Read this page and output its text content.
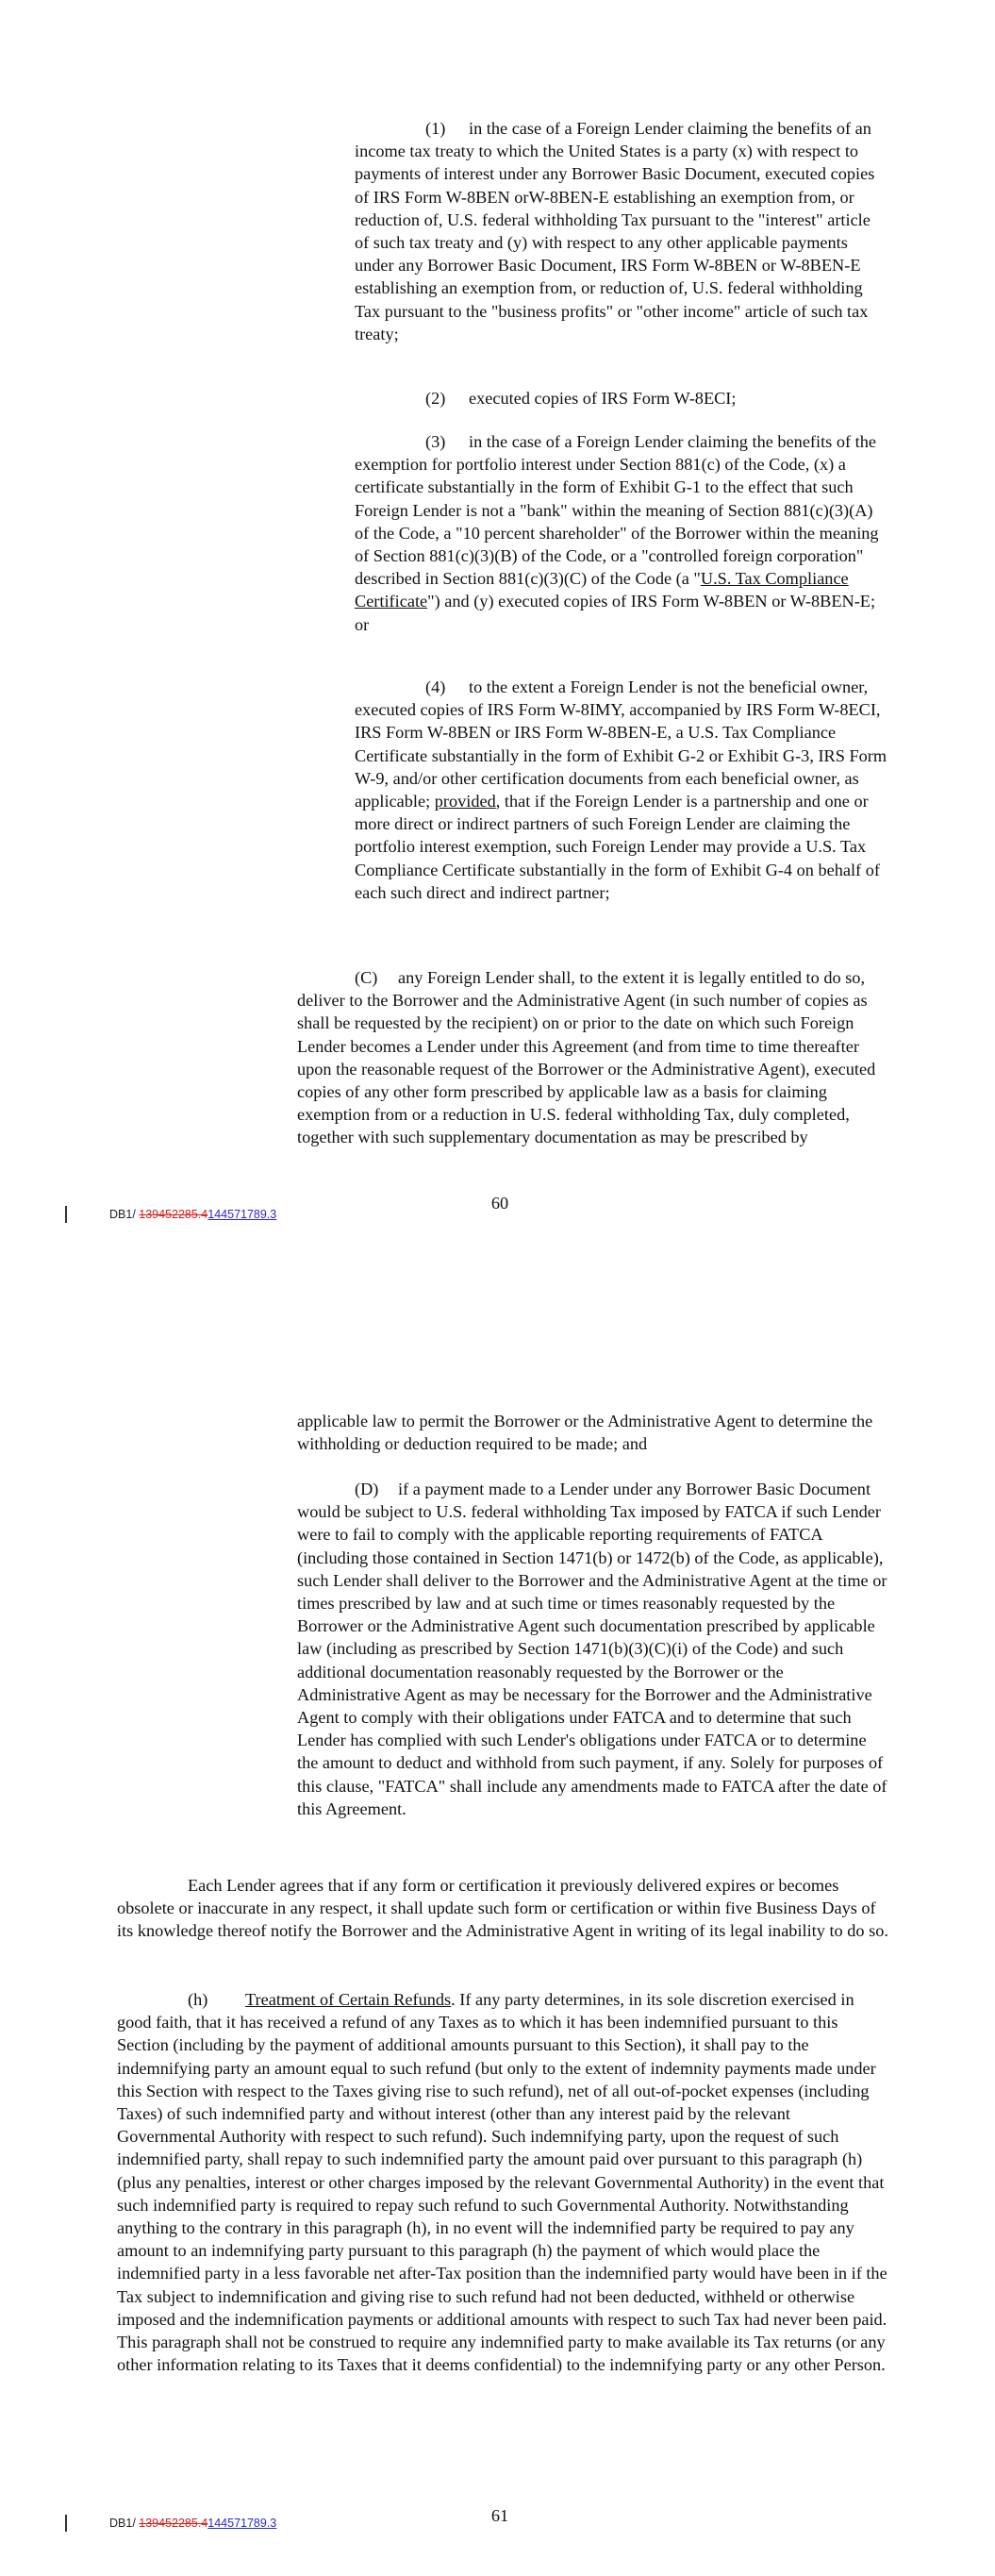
(1) in the case of a Foreign Lender claiming the benefits of an income tax treaty to which the United States is a party (x) with respect to payments of interest under any Borrower Basic Document, executed copies of IRS Form W-8BEN orW-8BEN-E establishing an exemption from, or reduction of, U.S. federal withholding Tax pursuant to the "interest" article of such tax treaty and (y) with respect to any other applicable payments under any Borrower Basic Document, IRS Form W-8BEN or W-8BEN-E establishing an exemption from, or reduction of, U.S. federal withholding Tax pursuant to the "business profits" or "other income" article of such tax treaty;

(2) executed copies of IRS Form W-8ECI;

(3) in the case of a Foreign Lender claiming the benefits of the exemption for portfolio interest under Section 881(c) of the Code, (x) a certificate substantially in the form of Exhibit G-1 to the effect that such Foreign Lender is not a "bank" within the meaning of Section 881(c)(3)(A) of the Code, a "10 percent shareholder" of the Borrower within the meaning of Section 881(c)(3)(B) of the Code, or a "controlled foreign corporation" described in Section 881(c)(3)(C) of the Code (a "U.S. Tax Compliance Certificate") and (y) executed copies of IRS Form W-8BEN or W-8BEN-E; or

(4) to the extent a Foreign Lender is not the beneficial owner, executed copies of IRS Form W-8IMY, accompanied by IRS Form W-8ECI, IRS Form W-8BEN or IRS Form W-8BEN-E, a U.S. Tax Compliance Certificate substantially in the form of Exhibit G-2 or Exhibit G-3, IRS Form W-9, and/or other certification documents from each beneficial owner, as applicable; provided, that if the Foreign Lender is a partnership and one or more direct or indirect partners of such Foreign Lender are claiming the portfolio interest exemption, such Foreign Lender may provide a U.S. Tax Compliance Certificate substantially in the form of Exhibit G-4 on behalf of each such direct and indirect partner;

(C) any Foreign Lender shall, to the extent it is legally entitled to do so, deliver to the Borrower and the Administrative Agent (in such number of copies as shall be requested by the recipient) on or prior to the date on which such Foreign Lender becomes a Lender under this Agreement (and from time to time thereafter upon the reasonable request of the Borrower or the Administrative Agent), executed copies of any other form prescribed by applicable law as a basis for claiming exemption from or a reduction in U.S. federal withholding Tax, duly completed, together with such supplementary documentation as may be prescribed by

60
DB1/ 139452285.4144571789.3

applicable law to permit the Borrower or the Administrative Agent to determine the withholding or deduction required to be made; and

(D) if a payment made to a Lender under any Borrower Basic Document would be subject to U.S. federal withholding Tax imposed by FATCA if such Lender were to fail to comply with the applicable reporting requirements of FATCA (including those contained in Section 1471(b) or 1472(b) of the Code, as applicable), such Lender shall deliver to the Borrower and the Administrative Agent at the time or times prescribed by law and at such time or times reasonably requested by the Borrower or the Administrative Agent such documentation prescribed by applicable law (including as prescribed by Section 1471(b)(3)(C)(i) of the Code) and such additional documentation reasonably requested by the Borrower or the Administrative Agent as may be necessary for the Borrower and the Administrative Agent to comply with their obligations under FATCA and to determine that such Lender has complied with such Lender's obligations under FATCA or to determine the amount to deduct and withhold from such payment, if any. Solely for purposes of this clause, "FATCA" shall include any amendments made to FATCA after the date of this Agreement.

Each Lender agrees that if any form or certification it previously delivered expires or becomes obsolete or inaccurate in any respect, it shall update such form or certification or within five Business Days of its knowledge thereof notify the Borrower and the Administrative Agent in writing of its legal inability to do so.

(h) Treatment of Certain Refunds. If any party determines, in its sole discretion exercised in good faith, that it has received a refund of any Taxes as to which it has been indemnified pursuant to this Section (including by the payment of additional amounts pursuant to this Section), it shall pay to the indemnifying party an amount equal to such refund (but only to the extent of indemnity payments made under this Section with respect to the Taxes giving rise to such refund), net of all out-of-pocket expenses (including Taxes) of such indemnified party and without interest (other than any interest paid by the relevant Governmental Authority with respect to such refund). Such indemnifying party, upon the request of such indemnified party, shall repay to such indemnified party the amount paid over pursuant to this paragraph (h) (plus any penalties, interest or other charges imposed by the relevant Governmental Authority) in the event that such indemnified party is required to repay such refund to such Governmental Authority. Notwithstanding anything to the contrary in this paragraph (h), in no event will the indemnified party be required to pay any amount to an indemnifying party pursuant to this paragraph (h) the payment of which would place the indemnified party in a less favorable net after-Tax position than the indemnified party would have been in if the Tax subject to indemnification and giving rise to such refund had not been deducted, withheld or otherwise imposed and the indemnification payments or additional amounts with respect to such Tax had never been paid. This paragraph shall not be construed to require any indemnified party to make available its Tax returns (or any other information relating to its Taxes that it deems confidential) to the indemnifying party or any other Person.

61
DB1/ 139452285.4144571789.3
